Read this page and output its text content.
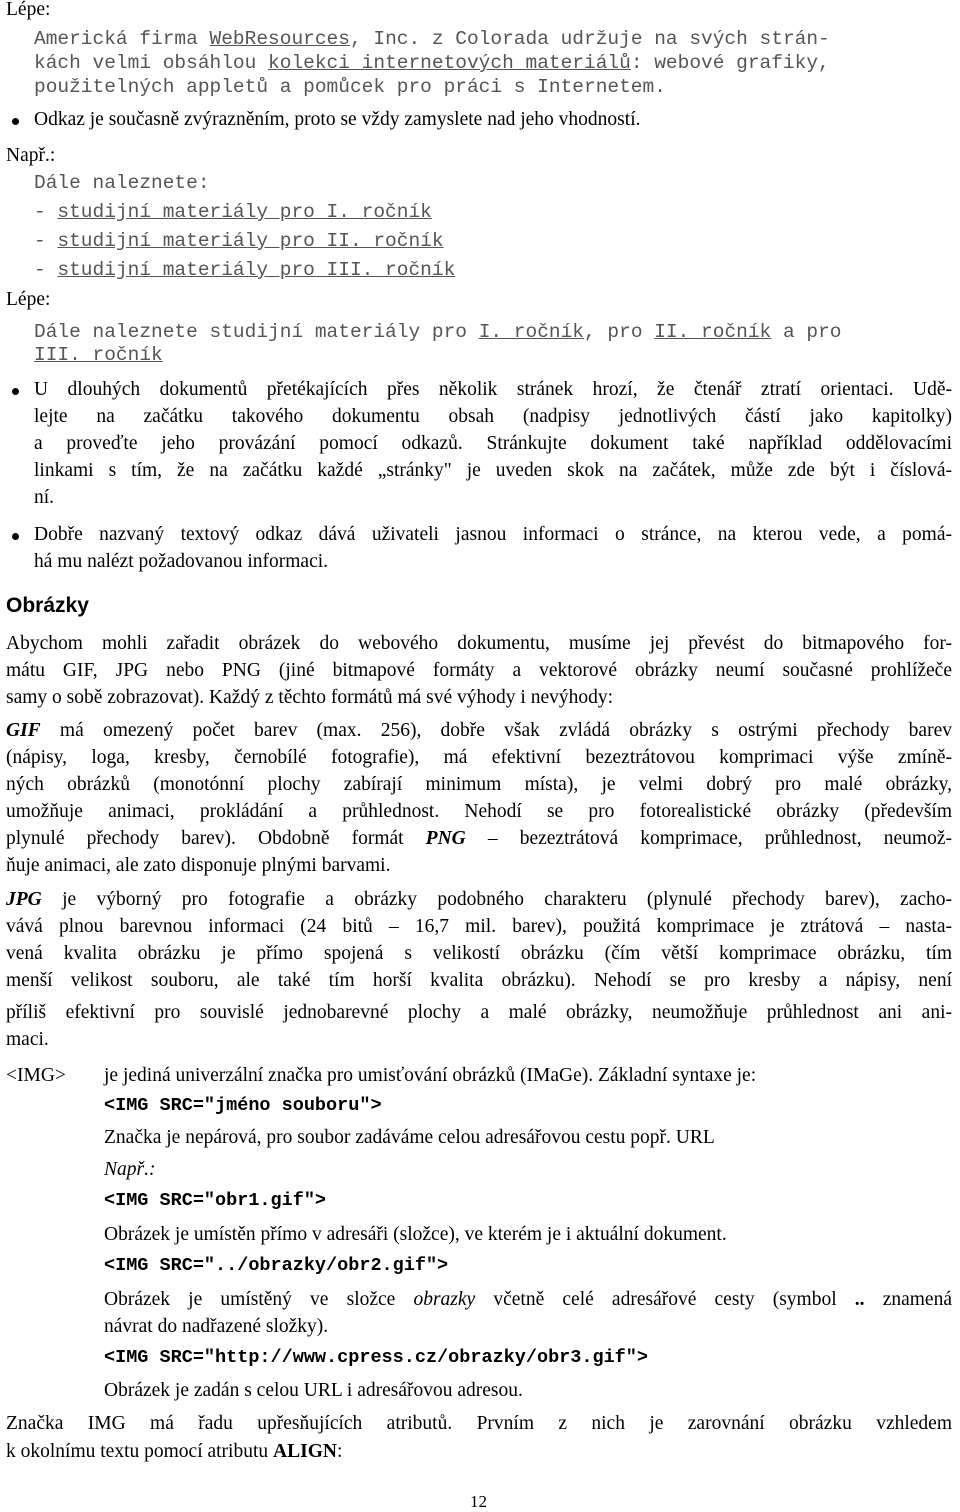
Lépe:

Americká firma WebResources, Inc. z Colorada udržuje na svých strán-

kách velmi obsáhlou kolekci internetových materiálů: webové grafiky,

použitelných appletů a pomůcek pro práci s Internetem.

Odkaz je současně zvýrazněním, proto se vždy zamyslete nad jeho vhodností.

Např.:

Dále naleznete:

- studijní materiály pro I. ročník

- studijní materiály pro II. ročník

- studijní materiály pro III. ročník

Lépe:

Dále naleznete studijní materiály pro I. ročník, pro II. ročník a pro

III. ročník

U dlouhých dokumentů přetékajících přes několik stránek hrozí, že čtenář ztratí orientaci. Udě-

lejte na začátku takového dokumentu obsah (nadpisy jednotlivých částí jako kapitolky)

a proveďte jeho provázání pomocí odkazů. Stránkujte dokument také například oddělovacími

linkami s tím, že na začátku každé „stránky" je uveden skok na začátek, může zde být i číslová-

ní.

Dobře nazvaný textový odkaz dává uživateli jasnou informaci o stránce, na kterou vede, a pomá-

há mu nalézt požadovanou informaci.

Obrázky

Abychom mohli zařadit obrázek do webového dokumentu, musíme jej převést do bitmapového for-

mátu GIF, JPG nebo PNG (jiné bitmapové formáty a vektorové obrázky neumí současné prohlížeče

samy o sobě zobrazovat). Každý z těchto formátů má své výhody i nevýhody:

GIF má omezený počet barev (max. 256), dobře však zvládá obrázky s ostrými přechody barev

(nápisy, loga, kresby, černobílé fotografie), má efektivní bezeztrátovou komprimaci výše zmíně-

ných obrázků (monotónní plochy zabírají minimum místa), je velmi dobrý pro malé obrázky,

umožňuje animaci, prokládání a průhlednost. Nehodí se pro fotorealistické obrázky (především

plynulé přechody barev). Obdobně formát PNG – bezeztrátová komprimace, průhlednost, neumož-

ňuje animaci, ale zato disponuje plnými barvami.

JPG je výborný pro fotografie a obrázky podobného charakteru (plynulé přechody barev), zacho-

vává plnou barevnou informaci (24 bitů – 16,7 mil. barev), použitá komprimace je ztrátová – nasta-

vená kvalita obrázku je přímo spojená s velikostí obrázku (čím větší komprimace obrázku, tím

menší velikost souboru, ale také tím horší kvalita obrázku). Nehodí se pro kresby a nápisy, není

příliš efektivní pro souvislé jednobarevné plochy a malé obrázky, neumožňuje průhlednost ani ani-

maci.

<IMG> je jediná univerzální značka pro umisťování obrázků (IMaGe). Základní syntaxe je:

<IMG SRC="jméno souboru">

Značka je nepárová, pro soubor zadáváme celou adresářovou cestu popř. URL

Např.:

<IMG SRC="obr1.gif">

Obrázek je umístěn přímo v adresáři (složce), ve kterém je i aktuální dokument.

<IMG SRC="../obrazky/obr2.gif">

Obrázek je umístěný ve složce obrazky včetně celé adresářové cesty (symbol .. znamená

návrat do nadřazené složky).

<IMG SRC="http://www.cpress.cz/obrazky/obr3.gif">

Obrázek je zadán s celou URL i adresářovou adresou.

Značka IMG má řadu upřesňujících atributů. Prvním z nich je zarovnání obrázku vzhledem

k okolnímu textu pomocí atributu ALIGN:

12
